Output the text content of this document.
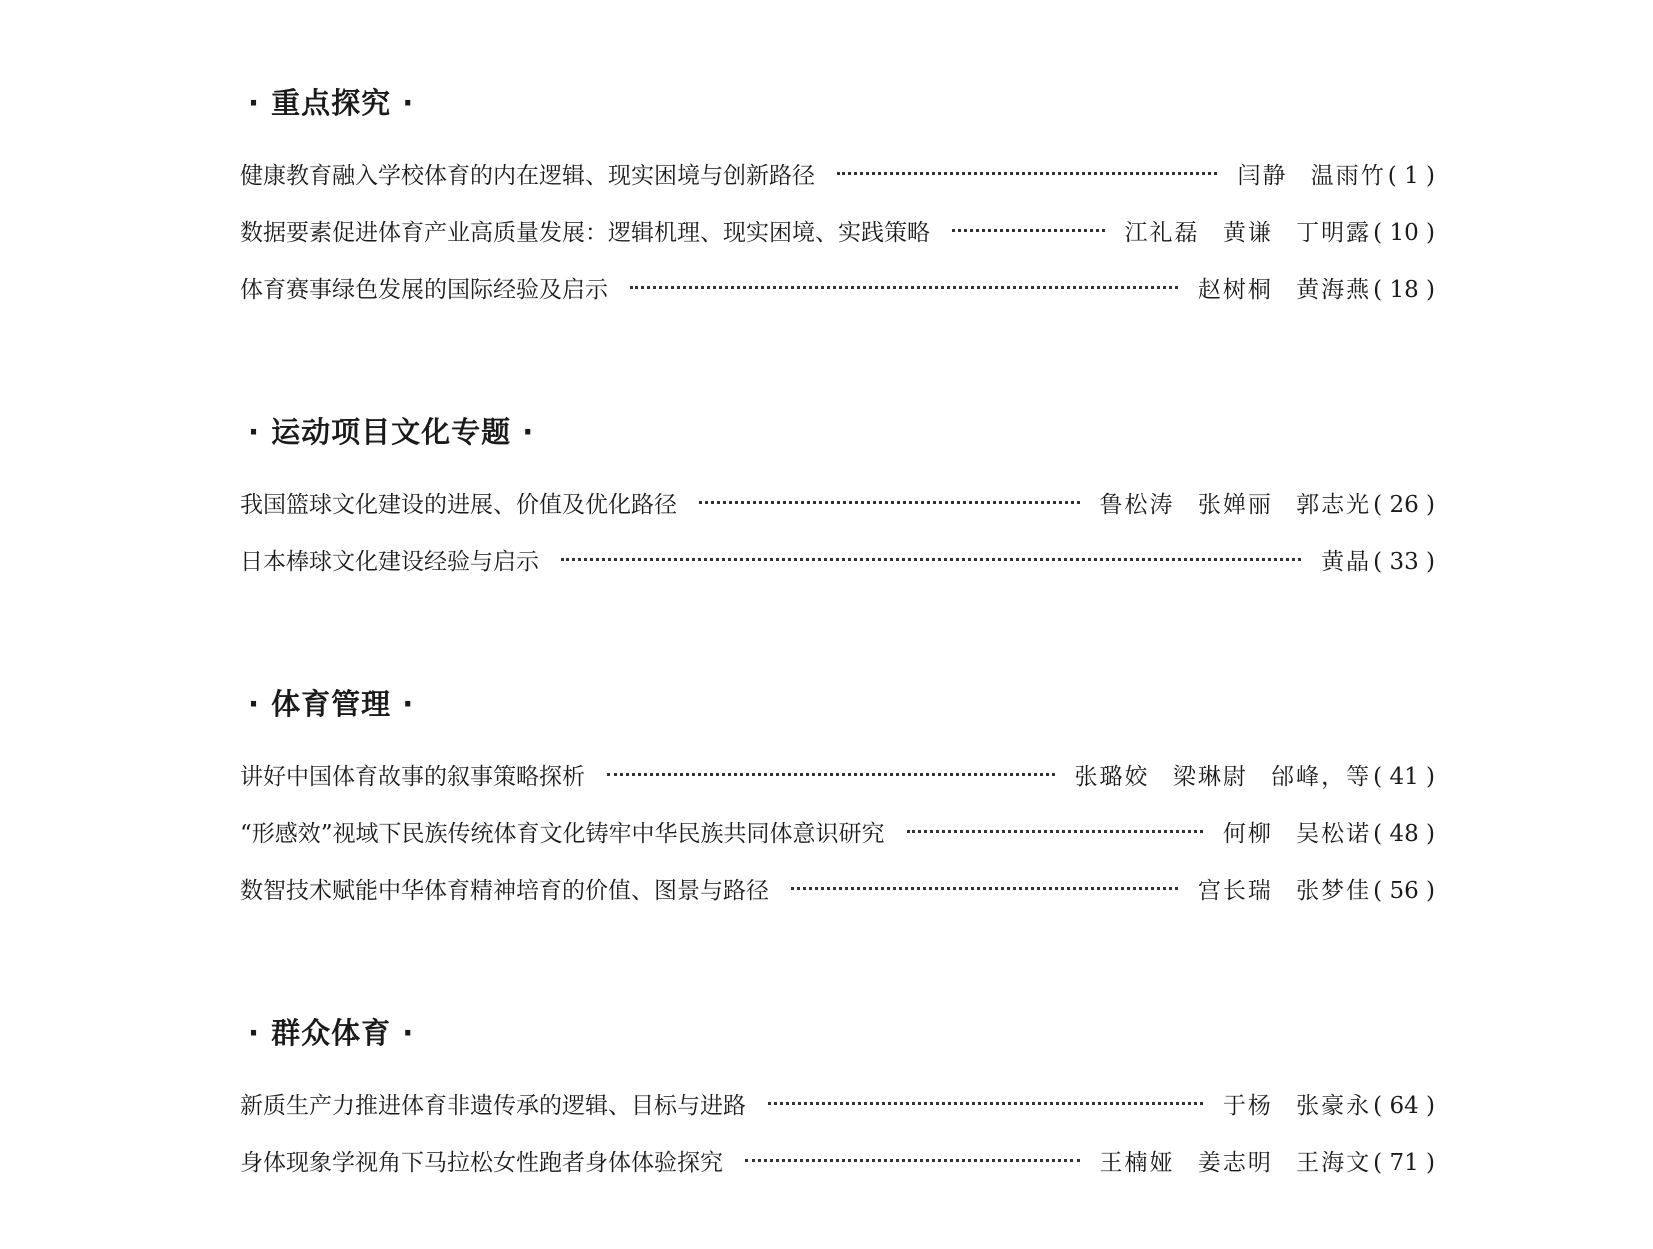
· 重点探究 ·
健康教育融入学校体育的内在逻辑、现实困境与创新路径	闫静 温雨竹 ( 1 )
数据要素促进体育产业高质量发展：逻辑机理、现实困境、实践策略	江礼磊 黄谦 丁明露 ( 10 )
体育赛事绿色发展的国际经验及启示	赵树桐 黄海燕 ( 18 )
· 运动项目文化专题 ·
我国篮球文化建设的进展、价值及优化路径	鲁松涛 张婵丽 郭志光 ( 26 )
日本棒球文化建设经验与启示	黄晶 ( 33 )
· 体育管理 ·
讲好中国体育故事的叙事策略探析	张璐姣 梁琳尉 邰峰，等 ( 41 )
“形感效”视域下民族传统体育文化铸牢中华民族共同体意识研究	何柳 吴松诺 ( 48 )
数智技术赋能中华体育精神培育的价值、图景与路径	宫长瑞 张梦佳 ( 56 )
· 群众体育 ·
新质生产力推进体育非遗传承的逻辑、目标与进路	于杨 张豪永 ( 64 )
身体现象学视角下马拉松女性跑者身体体验探究	王楠娅 姜志明 王海文 ( 71 )
